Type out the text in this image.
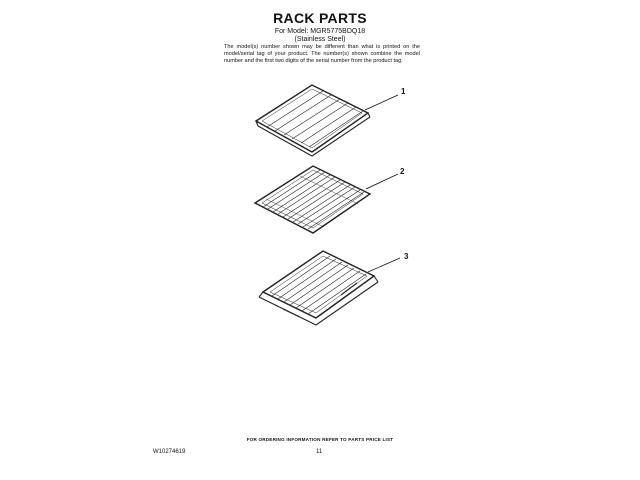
RACK PARTS
For Model: MGR5775BDQ18
(Stainless Steel)
The model(s) number shown may be different than what is printed on the model/serial tag of your product. The number(s) shown combine the model number and the first two digits of the serial number from the product tag.
1
2
3
FOR ORDERING INFORMATION REFER TO PARTS PRICE LIST
W10274619	11
